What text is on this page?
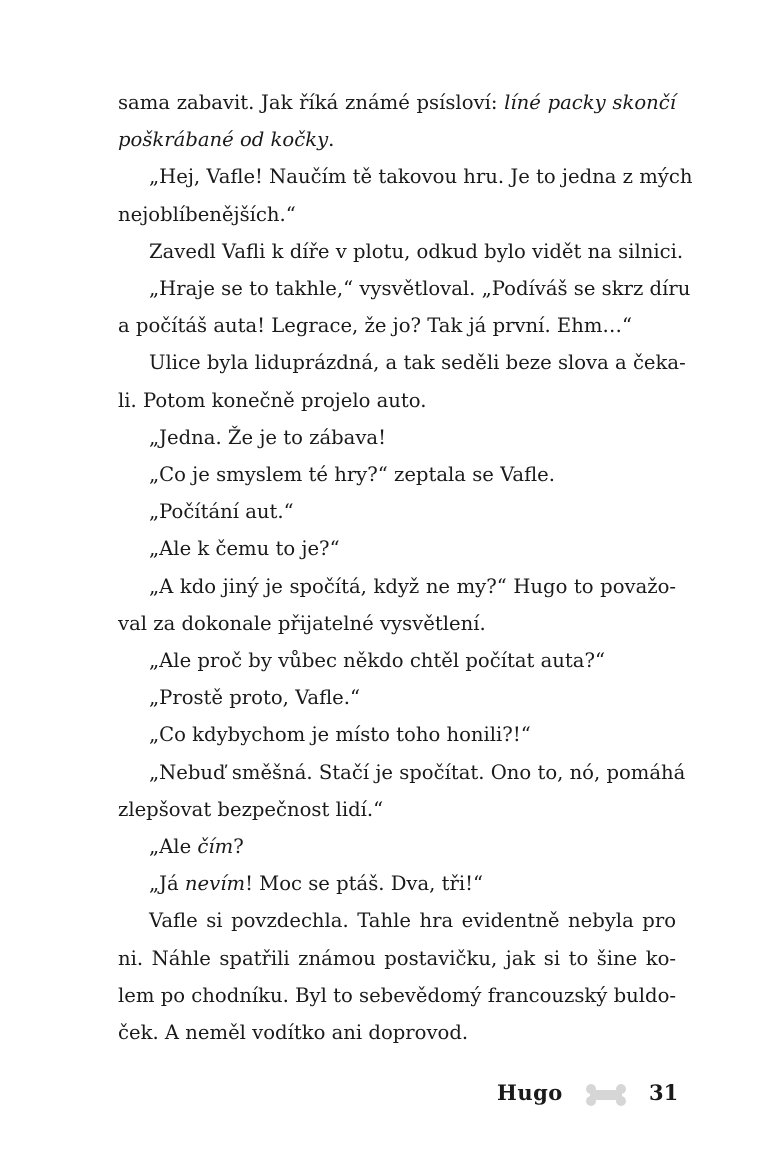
sama zabavit. Jak říká známé psísloví: líné packy skončí
poškrábané od kočky.
„Hej, Vafle! Naučím tě takovou hru. Je to jedna z mých
nejoblíbenějších.“
Zavedl Vafli k díře v plotu, odkud bylo vidět na silnici.
„Hraje se to takhle,“ vysvětloval. „Podíváš se skrz díru
a počítáš auta! Legrace, že jo? Tak já první. Ehm…“
Ulice byla liduprázdná, a tak seděli beze slova a čeka-
li. Potom konečně projelo auto.
„Jedna. Že je to zábava!
„Co je smyslem té hry?“ zeptala se Vafle.
„Počítání aut.“
„Ale k čemu to je?“
„A kdo jiný je spočítá, když ne my?“ Hugo to považo-
val za dokonale přijatelné vysvětlení.
„Ale proč by vůbec někdo chtěl počítat auta?“
„Prostě proto, Vafle.“
„Co kdybychom je místo toho honili?!“
„Nebuď směšná. Stačí je spočítat. Ono to, nó, pomáhá
zlepšovat bezpečnost lidí.“
„Ale čím?
„Já nevím! Moc se ptáš. Dva, tři!“
Vafle si povzdechla. Tahle hra evidentně nebyla pro
ni. Náhle spatřili známou postavičku, jak si to šine ko-
lem po chodníku. Byl to sebevědomý francouzský buldo-
ček. A neměl vodítko ani doprovod.
Hugo	31
